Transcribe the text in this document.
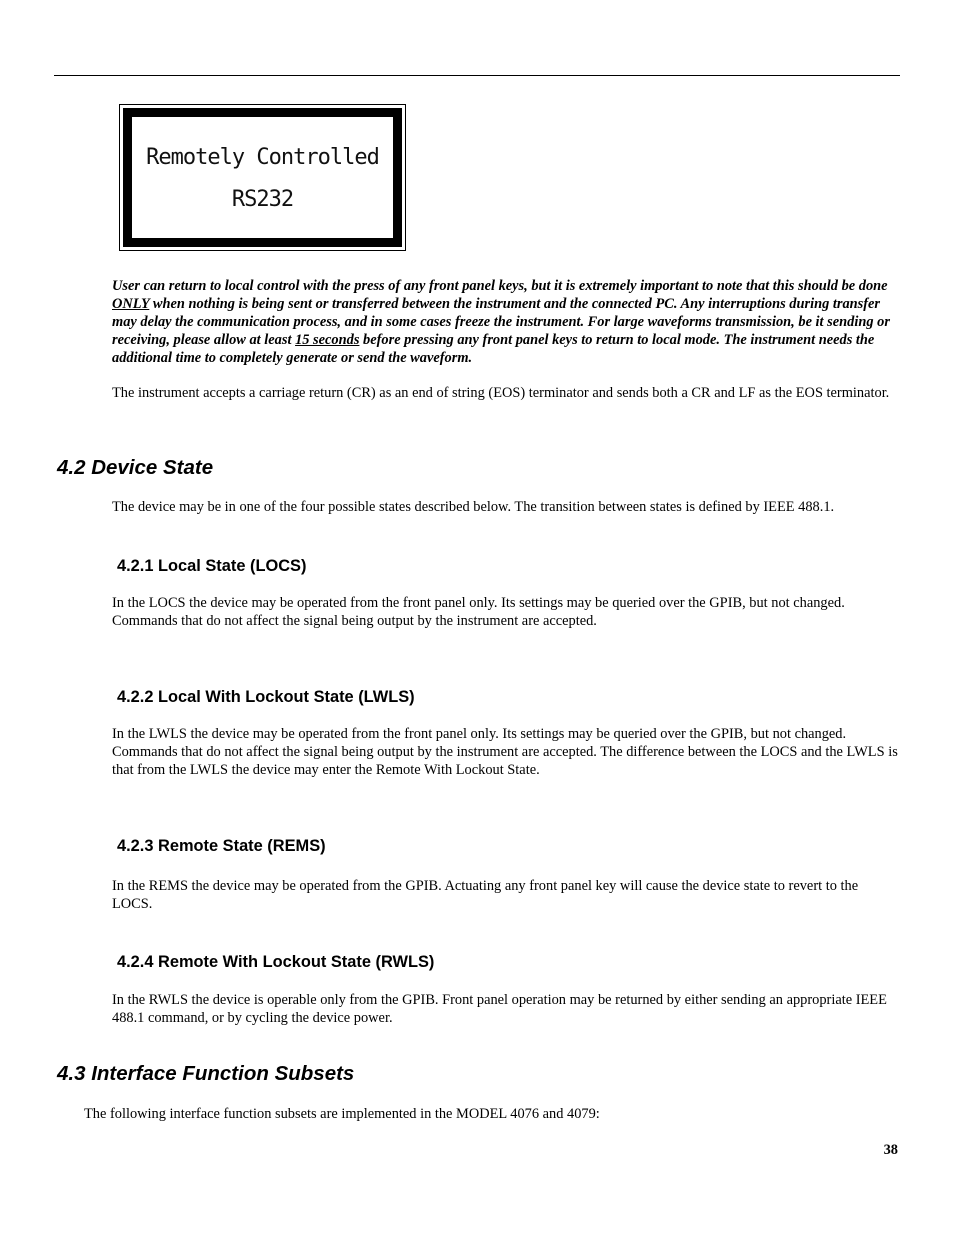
Remotely Controlled
RS232

User can return to local control with the press of any front panel keys, but it is extremely important to note that this should be done ONLY when nothing is being sent or transferred between the instrument and the connected PC. Any interruptions during transfer may delay the communication process, and in some cases freeze the instrument. For large waveforms transmission, be it sending or receiving, please allow at least 15 seconds before pressing any front panel keys to return to local mode. The instrument needs the additional time to completely generate or send the waveform.

The instrument accepts a carriage return (CR) as an end of string (EOS) terminator and sends both a CR and LF as the EOS terminator.

4.2 Device State

The device may be in one of the four possible states described below. The transition between states is defined by IEEE 488.1.

4.2.1 Local State (LOCS)

In the LOCS the device may be operated from the front panel only. Its settings may be queried over the GPIB, but not changed. Commands that do not affect the signal being output by the instrument are accepted.

4.2.2 Local With Lockout State (LWLS)

In the LWLS the device may be operated from the front panel only. Its settings may be queried over the GPIB, but not changed. Commands that do not affect the signal being output by the instrument are accepted. The difference between the LOCS and the LWLS is that from the LWLS the device may enter the Remote With Lockout State.

4.2.3 Remote State (REMS)

In the REMS the device may be operated from the GPIB. Actuating any front panel key will cause the device state to revert to the LOCS.

4.2.4 Remote With Lockout State (RWLS)

In the RWLS the device is operable only from the GPIB. Front panel operation may be returned by either sending an appropriate IEEE 488.1 command, or by cycling the device power.

4.3 Interface Function Subsets

The following interface function subsets are implemented in the MODEL 4076 and 4079:

38
